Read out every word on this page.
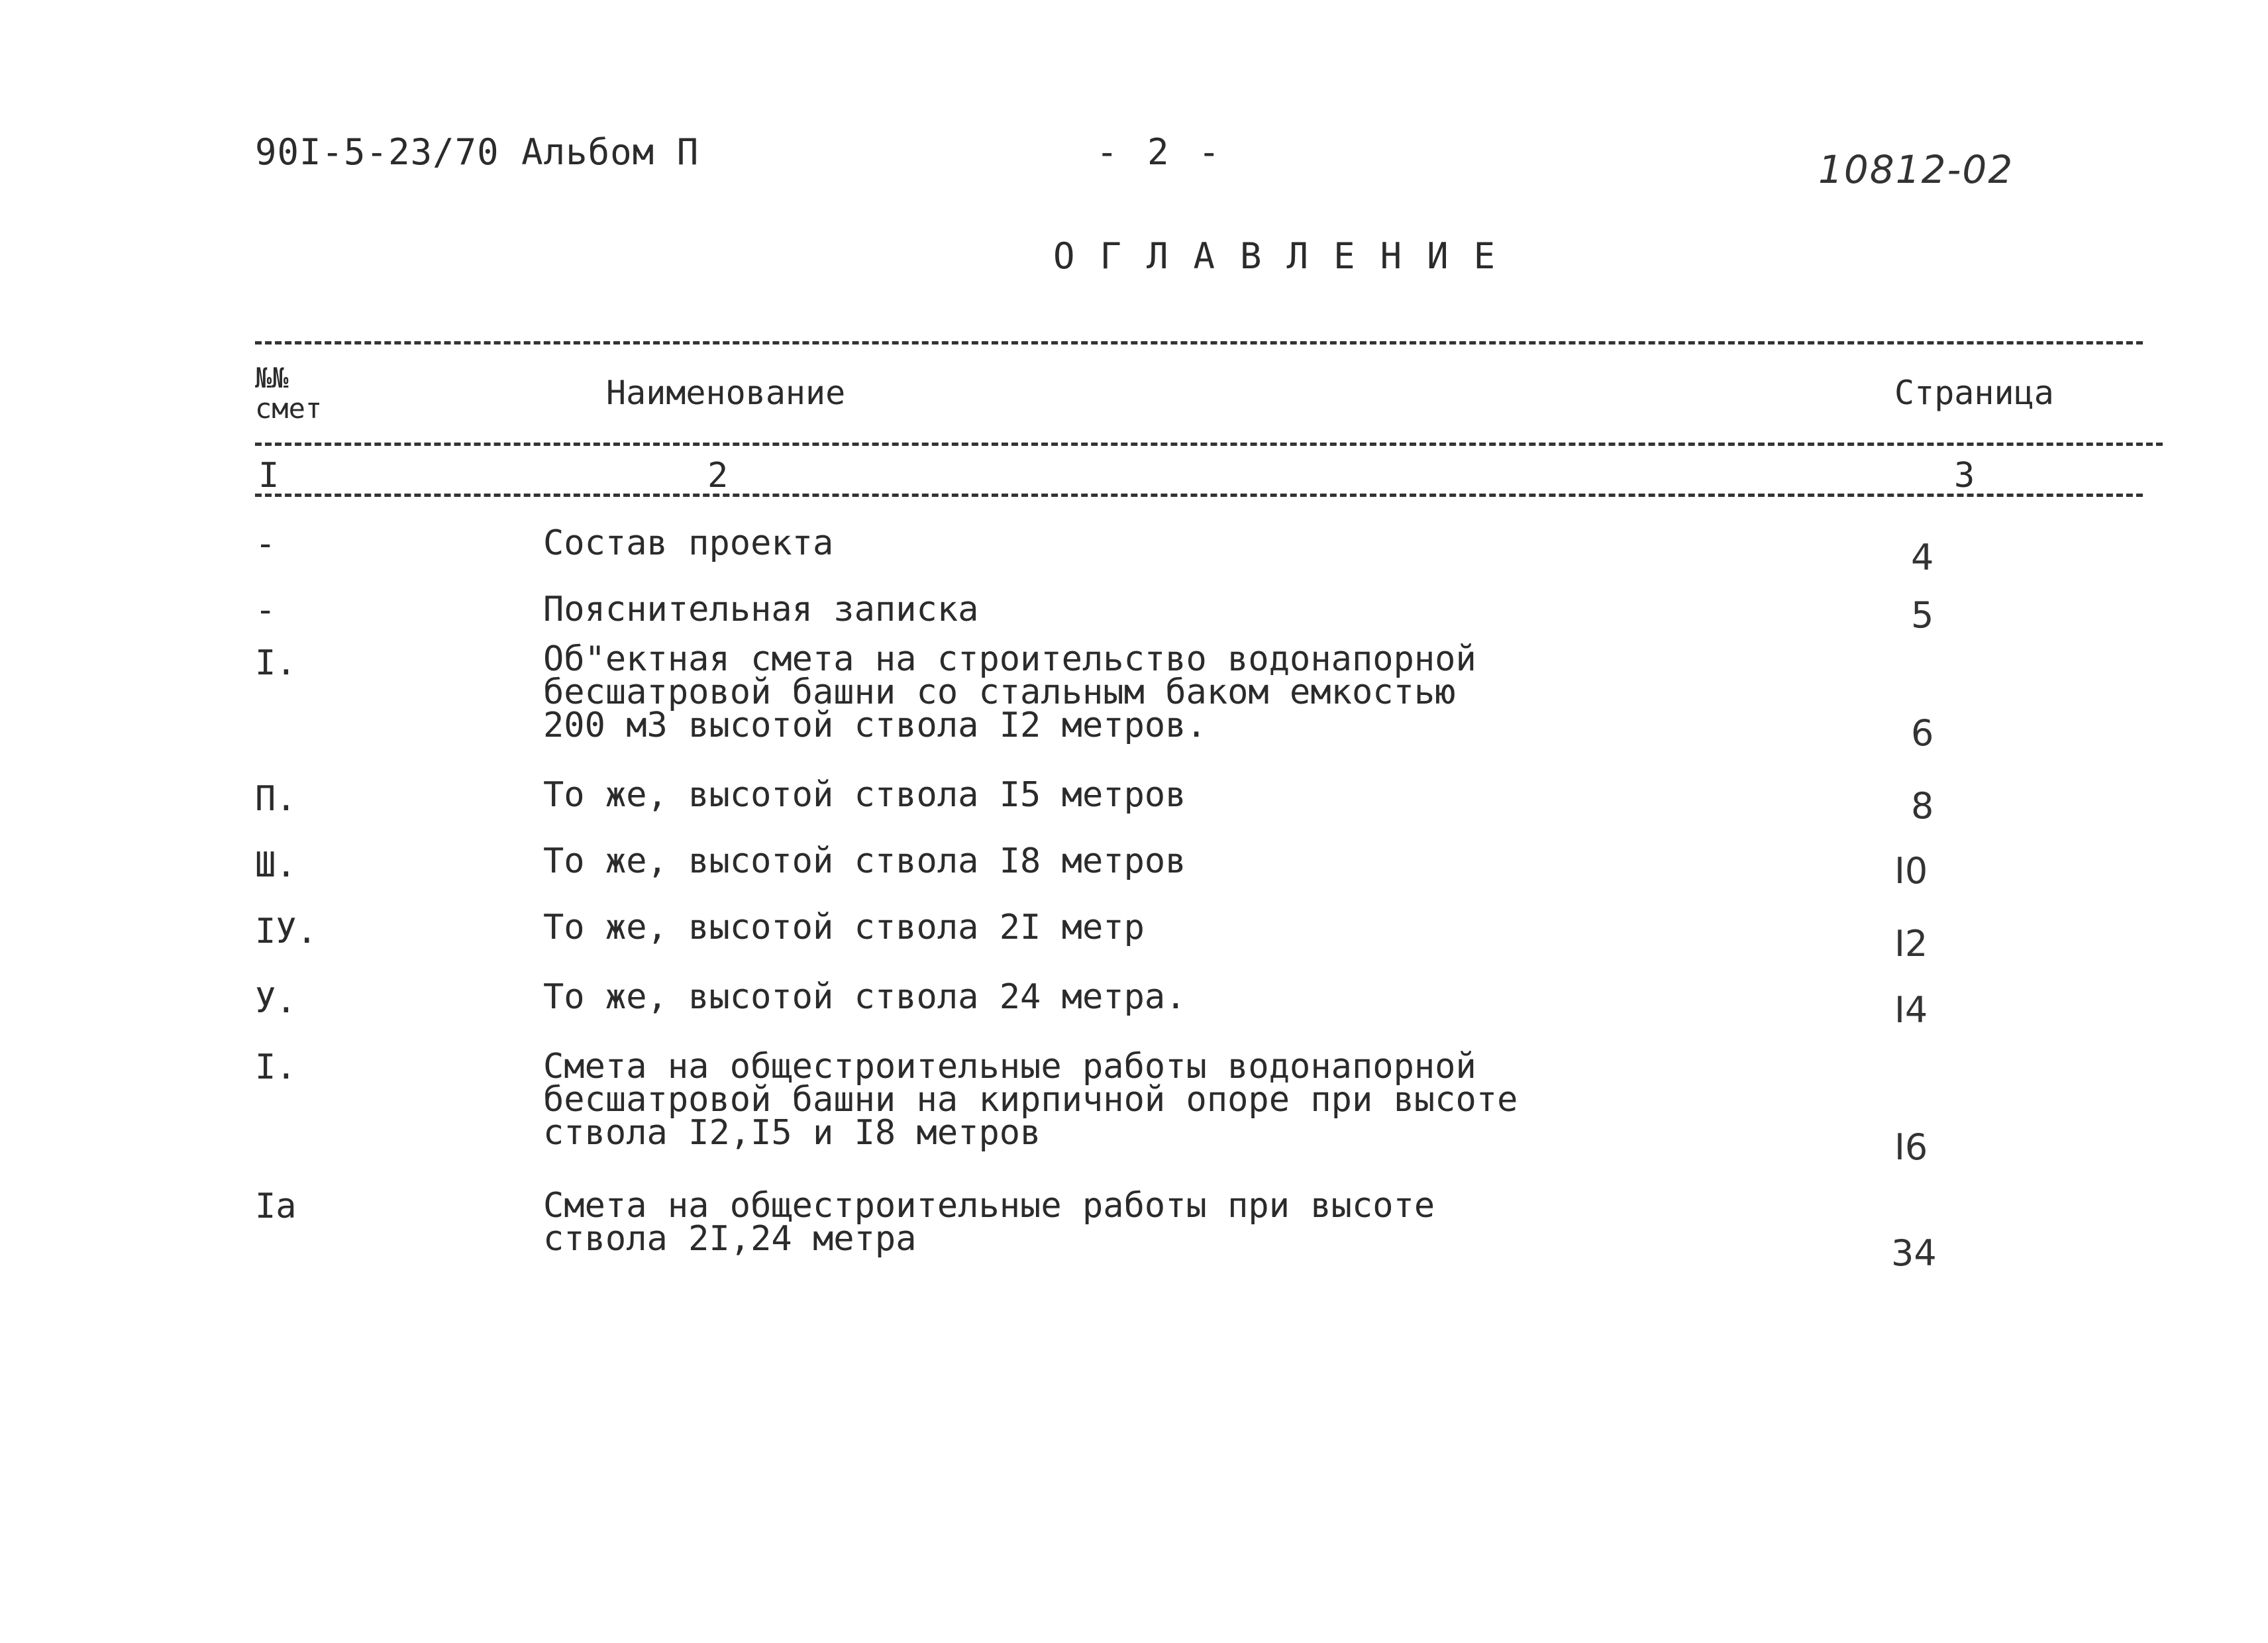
90I-5-23/70 Альбом П	- 2 -	10812-02
ОГЛАВЛЕНИЕ
№№
смет	Наименование	Страница
I	2	3
-	Состав проекта	4
-	Пояснительная записка	5
I.	Об"ектная смета на строительство водонапорной
бесшатровой башни со стальным баком емкостью
200 м3 высотой ствола I2 метров.	6
П.	То же, высотой ствола I5 метров	8
Ш.	То же, высотой ствола I8 метров	I0
IУ.	То же, высотой ствола 2I метр	I2
У.	То же, высотой ствола 24 метра.	I4
I.	Смета на общестроительные работы водонапорной
бесшатровой башни на кирпичной опоре при высоте
ствола I2,I5 и I8 метров	I6
Iа	Смета на общестроительные работы при высоте
ствола 2I,24 метра	34
